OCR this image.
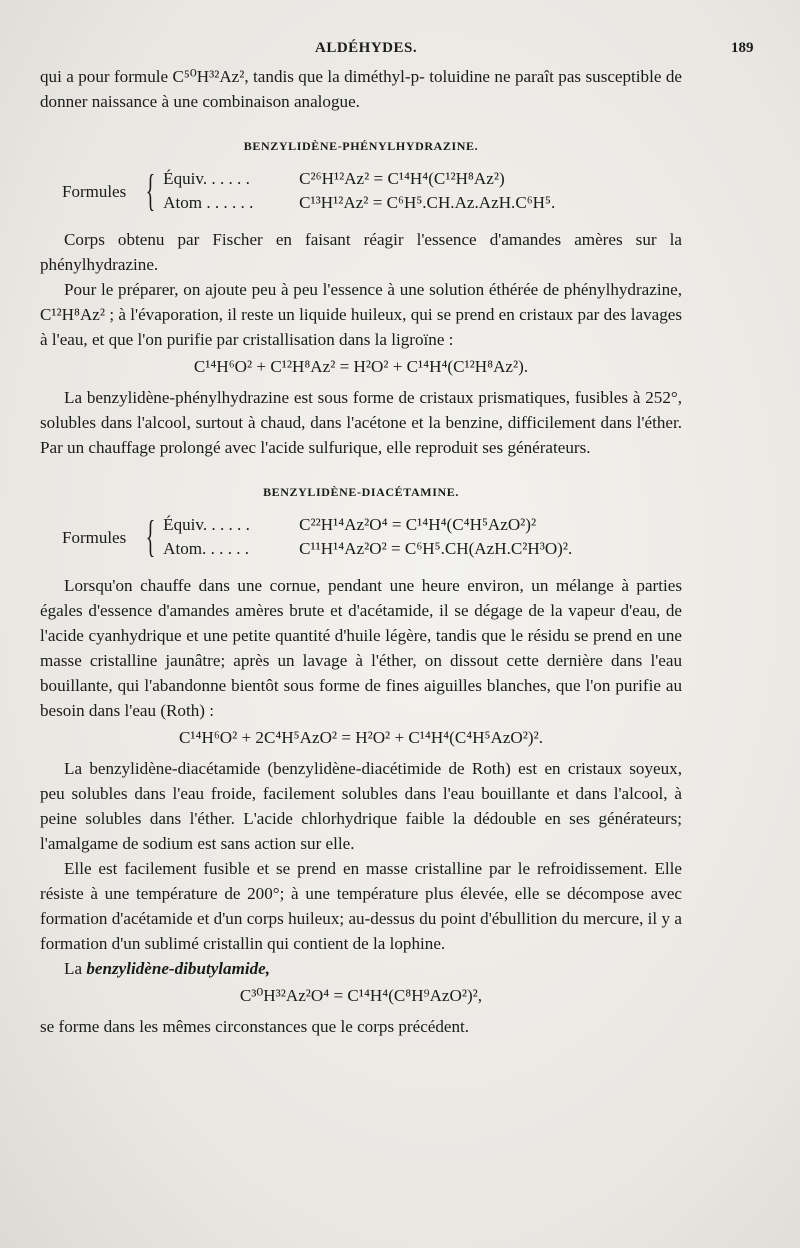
ALDÉHYDES.	189

qui a pour formule C⁵⁰H³²Az², tandis que la diméthyl-p- toluidine ne paraît pas susceptible de donner naissance à une combinaison analogue.

BENZYLIDÈNE-PHÉNYLHYDRAZINE.
Formules { Équiv. . . . . .	C²⁶H¹²Az² = C¹⁴H⁴(C¹²H⁸Az²)
Atom . . . . . .	C¹³H¹²Az² = C⁶H⁵.CH.Az.AzH.C⁶H⁵.

Corps obtenu par Fischer en faisant réagir l'essence d'amandes amères sur la phénylhydrazine.

Pour le préparer, on ajoute peu à peu l'essence à une solution éthérée de phénylhydrazine, C¹²H⁸Az² ; à l'évaporation, il reste un liquide huileux, qui se prend en cristaux par des lavages à l'eau, et que l'on purifie par cristallisation dans la ligroïne :

C¹⁴H⁶O² + C¹²H⁸Az² = H²O² + C¹⁴H⁴(C¹²H⁸Az²).

La benzylidène-phénylhydrazine est sous forme de cristaux prismatiques, fusibles à 252°, solubles dans l'alcool, surtout à chaud, dans l'acétone et la benzine, difficilement dans l'éther. Par un chauffage prolongé avec l'acide sulfurique, elle reproduit ses générateurs.

BENZYLIDÈNE-DIACÉTAMINE.
Formules { Équiv. . . . . .	C²²H¹⁴Az²O⁴ = C¹⁴H⁴(C⁴H⁵AzO²)²
Atom. . . . . .	C¹¹H¹⁴Az²O² = C⁶H⁵.CH(AzH.C²H³O)².

Lorsqu'on chauffe dans une cornue, pendant une heure environ, un mélange à parties égales d'essence d'amandes amères brute et d'acétamide, il se dégage de la vapeur d'eau, de l'acide cyanhydrique et une petite quantité d'huile légère, tandis que le résidu se prend en une masse cristalline jaunâtre; après un lavage à l'éther, on dissout cette dernière dans l'eau bouillante, qui l'abandonne bientôt sous forme de fines aiguilles blanches, que l'on purifie au besoin dans l'eau (Roth) :

C¹⁴H⁶O² + 2C⁴H⁵AzO² = H²O² + C¹⁴H⁴(C⁴H⁵AzO²)².

La benzylidène-diacétamide (benzylidène-diacétimide de Roth) est en cristaux soyeux, peu solubles dans l'eau froide, facilement solubles dans l'eau bouillante et dans l'alcool, à peine solubles dans l'éther. L'acide chlorhydrique faible la dédouble en ses générateurs; l'amalgame de sodium est sans action sur elle.

Elle est facilement fusible et se prend en masse cristalline par le refroidissement. Elle résiste à une température de 200°; à une température plus élevée, elle se décompose avec formation d'acétamide et d'un corps huileux; au-dessus du point d'ébullition du mercure, il y a formation d'un sublimé cristallin qui contient de la lophine.

La benzylidène-dibutylamide,

C³⁰H³²Az²O⁴ = C¹⁴H⁴(C⁸H⁹AzO²)²,

se forme dans les mêmes circonstances que le corps précédent.
